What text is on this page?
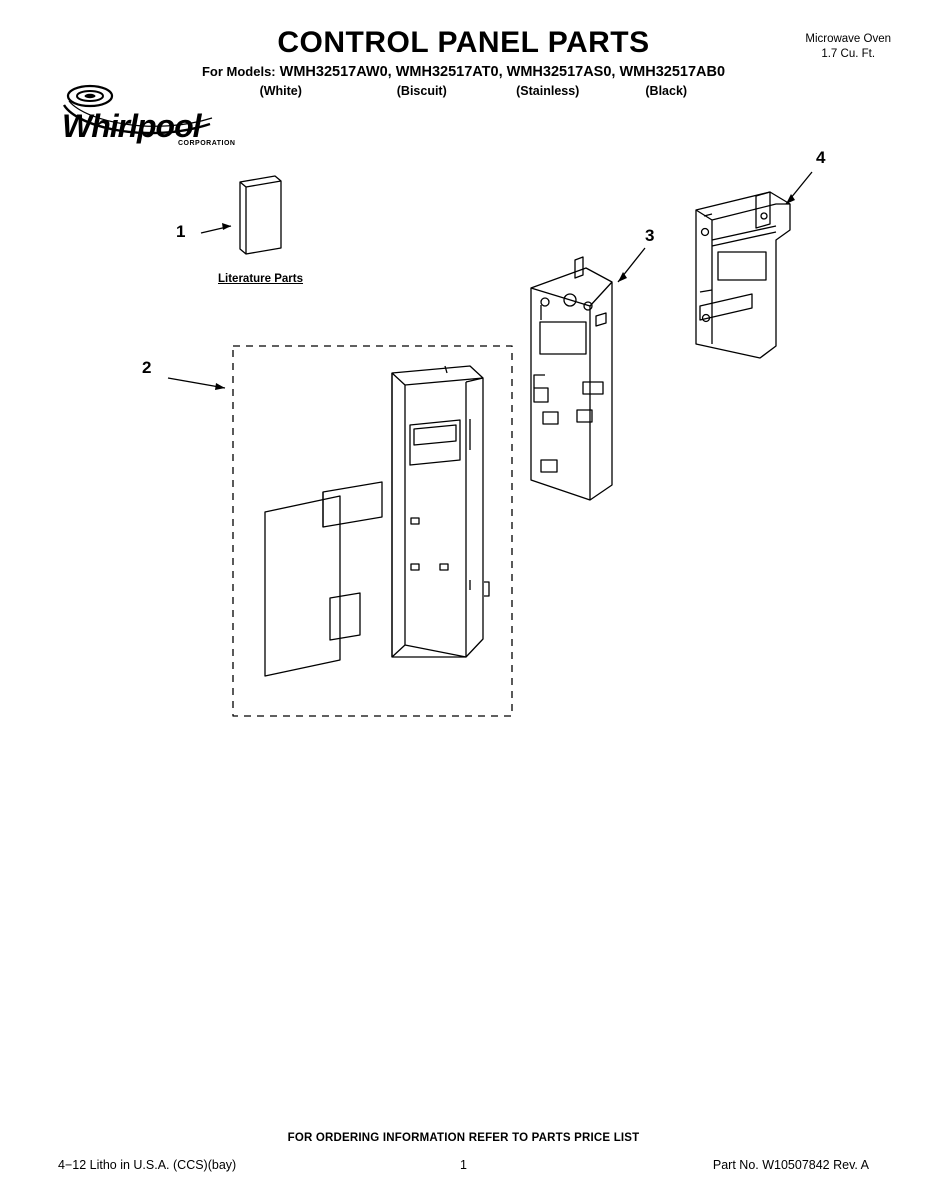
CONTROL PANEL PARTS
For Models: WMH32517AW0, WMH32517AT0, WMH32517AS0, WMH32517AB0
(White)	(Biscuit)	(Stainless)	(Black)
Microwave Oven
1.7 Cu. Ft.
Whirlpool
CORPORATION
1
2
3
4
Literature Parts
FOR ORDERING INFORMATION REFER TO PARTS PRICE LIST
4−12 Litho in U.S.A. (CCS)(bay)	1	Part No. W10507842 Rev. A
